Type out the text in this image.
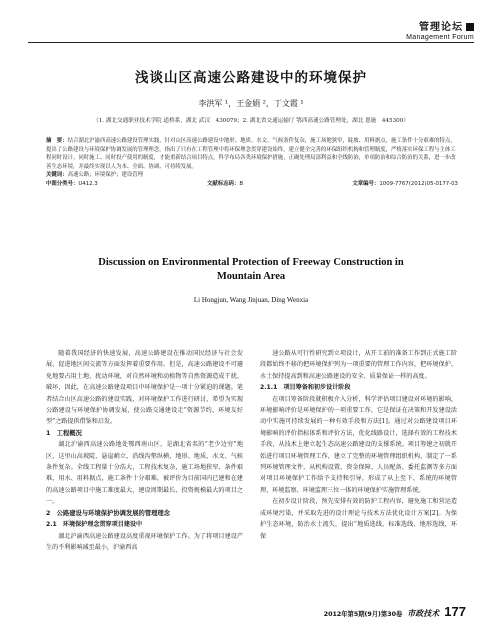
管理论坛
Management Forum
浅谈山区高速公路建设中的环境保护
李洪军 ¹，王金娟 ²，丁文霞 ¹
（1. 湖北交通职业技术学院 道桥系，湖北 武汉　430079；2. 湖北省交通运输厅 鄂西高速公路管理处，湖北 恩施　445300）

摘　要：结合湖北沪渝西高速公路建设管理实践，针对山区高速公路建设中地形、地质、水文、气候条件复杂，施工场地狭窄，陡坡、用料据点，施工条件十分艰难的特点，提出了公路建设与环境保护协调发展的管理理念。指出了只有在工程管理中将环保理念贯穿建设始终，建立健全完善的环保组织机构和管理制度，严格落实环保工程与主体工程同时设计、同时施工、同时投产使用的制度，才能重新结合项目特点，科学布局各类环境保护措施，正确处理局部利益和全线防治，单项防治和综合防治的关系，进一步改善生态环境，并最终实现以人为本、全面、协调、可持续发展。

关键词：高速公路；环境保护；建设管理

中图分类号：U412.3	文献标志码：B	文章编号：1009-7767(2012)05-0177-03
Discussion on Environmental Protection of Freeway Construction in
Mountain Area
Li Hongjun, Wang Jinjuan, Ding Wenxia

随着我国经济的快速发展，高速公路建设在推动国民经济与社会发展、促进地区间交流等方面发挥着重要作用。但是，高速公路建设不可避免地要占用土地、扰动环境，对自然环境和动植物等自然资源造成干扰、破坏，因此，在高速公路建设项目中环境保护是一项十分紧迫的课题。笔者结合山区高速公路的建设实践，对环境保护工作进行研讨，希望为实现公路建设与环境保护协调发展，使公路交通建设走“资源节约、环境友好型”之路提供借鉴和启发。

1　工程概况

湖北沪渝西高速公路地处鄂西南山区，是湖北省名的“老少边穷”地区，这里山高坡陡、悬崖峭立、沿线沟壑纵横，地形、地质、水文、气候条件复杂。全线工程量十分浩大，工程技术复杂，施工场地狭窄、条件艰难，用水、用料据点，施工条件十分艰难，被评价为目前国内已建和在建的高速公路项目中施工难度最大，建设周期最长、投资规模最大的项目之一。

2　公路建设与环境保护协调发展的管理理念
2.1　环境保护理念贯穿项目建设中

湖北沪渝西高速公路建设高度重视环境保护工作。为了将项目建设产生的不利影响减至最小，沪渝西高

速公路从可行性研究到立项设计，从开工前的准备工作到正式施工阶段都始终不移的把环境保护列为一项重要的管理工作内容，把环境保护、水土保持提高到和高速公路建设的安全、质量保证一样的高度。

2.1.1　项目筹备和初步设计阶段

在项目筹备阶段就积极介入分析，科学评估项目建设对环境的影响，环境影响评价是环境保护的一项重要工作，它是保证在决策和开发建设活动中实施可持续发展的一种有效手段和方法[1]。通过对公路建设项目环境影响的评价指标体系和评价方法，优化线路设计，选择有效的工程技术手段，从技术上建立起生态高速公路建设的支撑系统。项目筹建之初就开始进行项目环境管理工作，建立了完整的环境管理组织机构，制定了一系列环境管理文件，从机构设置、资金保障、人员配备、委托监测等多方面对项目环境保护工作给予支持和引导，形成了从上至下、系统的环境管理、环境监察、环境监理三位一体的环境保护实施管理系统。

在初步设计阶段，预先安排有效的防护工程内容，避免施工和营运造成环境污染，并采取先进的设计理论与技术方法优化设计方案[2]。为保护生态环境，防治水土流失，提出“地质选线、标准选线、地形选线、环保

2012年第5期(9月)第30卷 市政技术 177
